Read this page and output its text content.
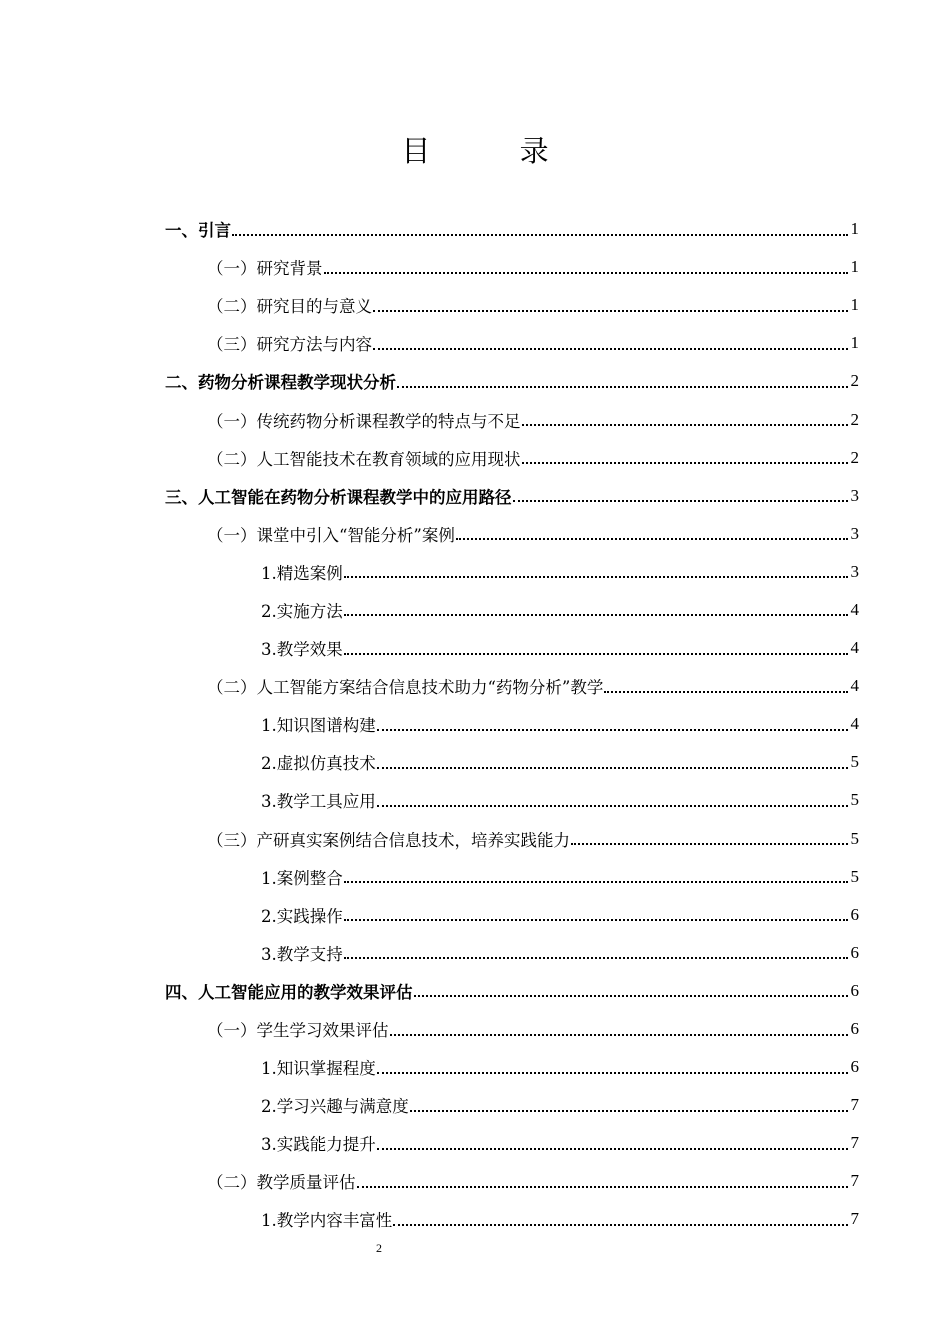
目 录
一、引言	1
（一）研究背景	1
（二）研究目的与意义	1
（三）研究方法与内容	1
二、药物分析课程教学现状分析	2
（一）传统药物分析课程教学的特点与不足	2
（二）人工智能技术在教育领域的应用现状	2
三、人工智能在药物分析课程教学中的应用路径	3
（一）课堂中引入“智能分析”案例	3
1.精选案例	3
2.实施方法	4
3.教学效果	4
（二）人工智能方案结合信息技术助力“药物分析”教学	4
1.知识图谱构建	4
2.虚拟仿真技术	5
3.教学工具应用	5
（三）产研真实案例结合信息技术，培养实践能力	5
1.案例整合	5
2.实践操作	6
3.教学支持	6
四、人工智能应用的教学效果评估	6
（一）学生学习效果评估	6
1.知识掌握程度	6
2.学习兴趣与满意度	7
3.实践能力提升	7
（二）教学质量评估	7
1.教学内容丰富性	7
2
